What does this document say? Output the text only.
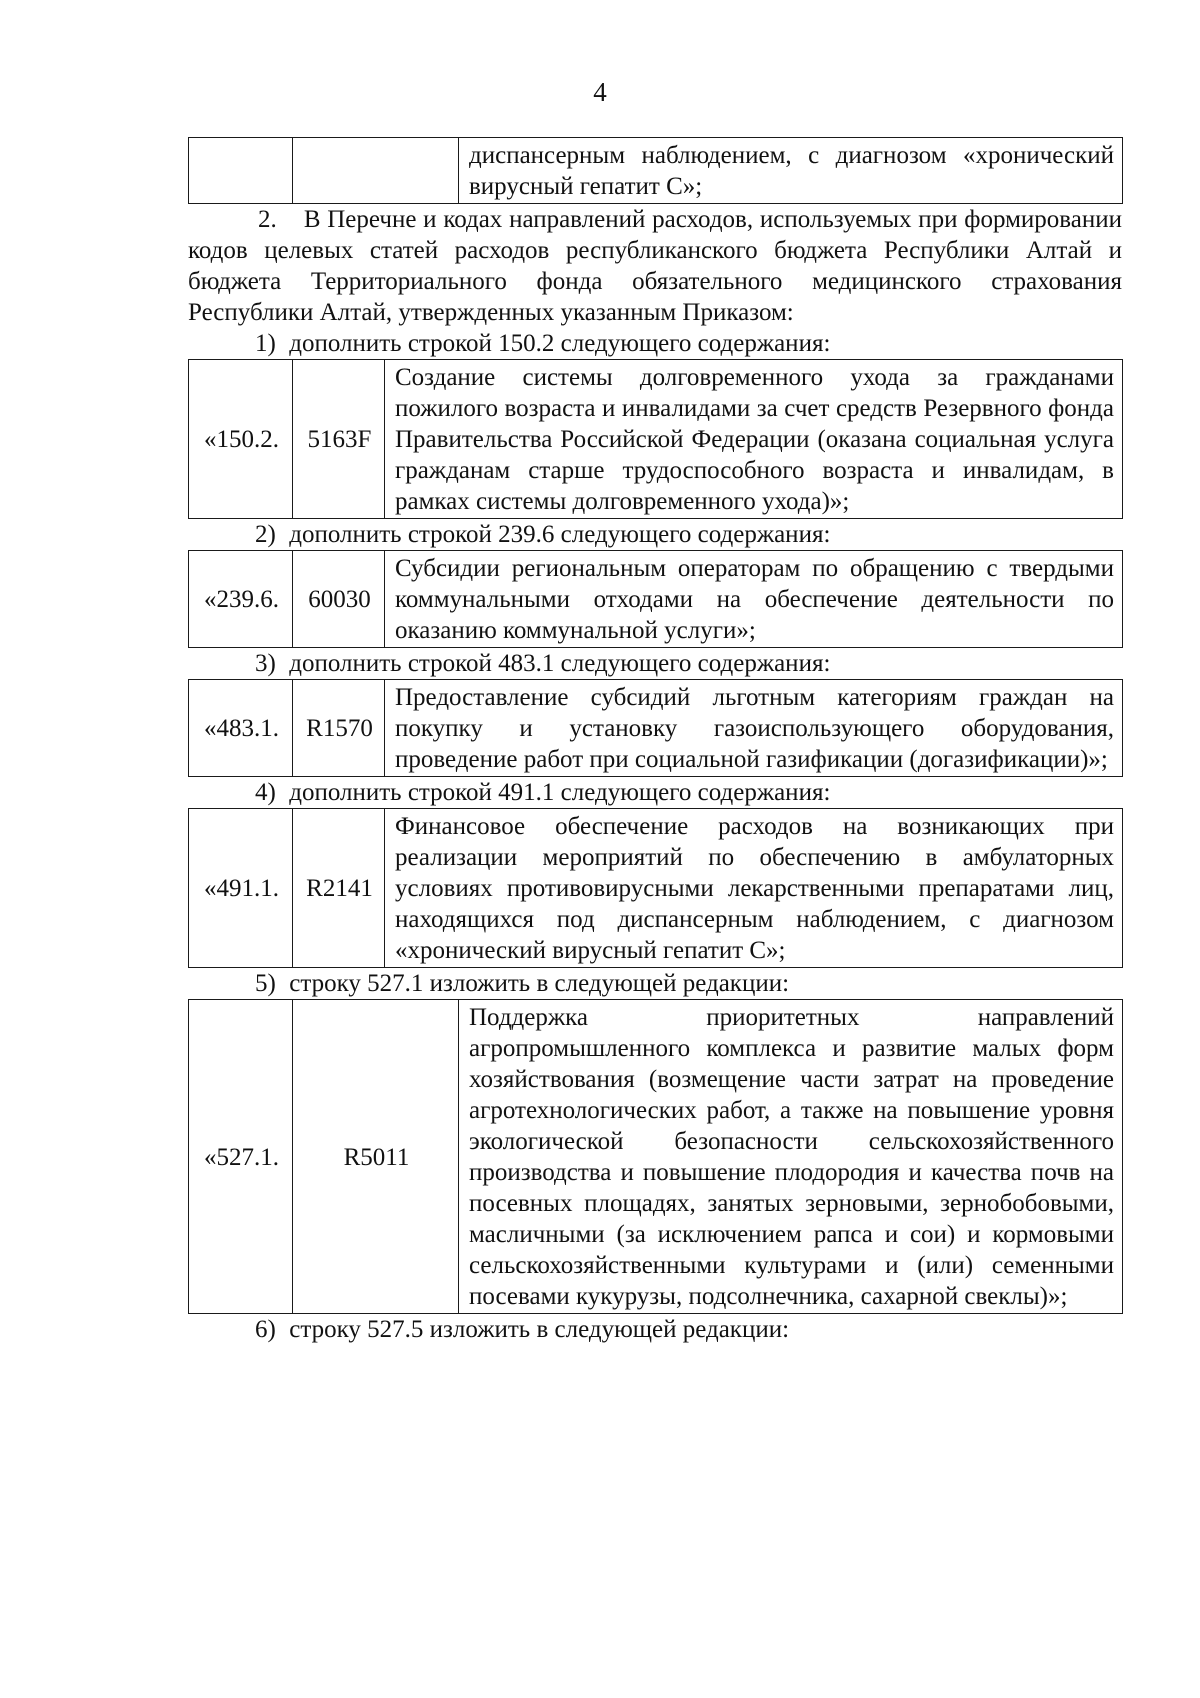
4
		диспансерным наблюдением, с диагнозом «хронический вирусный гепатит С»;

2. В Перечне и кодах направлений расходов, используемых при формировании кодов целевых статей расходов республиканского бюджета Республики Алтай и бюджета Территориального фонда обязательного медицинского страхования Республики Алтай, утвержденных указанным Приказом:

1) дополнить строкой 150.2 следующего содержания:

«150.2.	5163F	Создание системы долговременного ухода за гражданами пожилого возраста и инвалидами за счет средств Резервного фонда Правительства Российской Федерации (оказана социальная услуга гражданам старше трудоспособного возраста и инвалидам, в рамках системы долговременного ухода)»;

2) дополнить строкой 239.6 следующего содержания:

«239.6.	60030	Субсидии региональным операторам по обращению с твердыми коммунальными отходами на обеспечение деятельности по оказанию коммунальной услуги»;

3) дополнить строкой 483.1 следующего содержания:

«483.1.	R1570	Предоставление субсидий льготным категориям граждан на покупку и установку газоиспользующего оборудования, проведение работ при социальной газификации (догазификации)»;

4) дополнить строкой 491.1 следующего содержания:

«491.1.	R2141	Финансовое обеспечение расходов на возникающих при реализации мероприятий по обеспечению в амбулаторных условиях противовирусными лекарственными препаратами лиц, находящихся под диспансерным наблюдением, с диагнозом «хронический вирусный гепатит С»;

5) строку 527.1 изложить в следующей редакции:

«527.1.	R5011	Поддержка приоритетных направлений агропромышленного комплекса и развитие малых форм хозяйствования (возмещение части затрат на проведение агротехнологических работ, а также на повышение уровня экологической безопасности сельскохозяйственного производства и повышение плодородия и качества почв на посевных площадях, занятых зерновыми, зернобобовыми, масличными (за исключением рапса и сои) и кормовыми сельскохозяйственными культурами и (или) семенными посевами кукурузы, подсолнечника, сахарной свеклы)»;

6) строку 527.5 изложить в следующей редакции:
